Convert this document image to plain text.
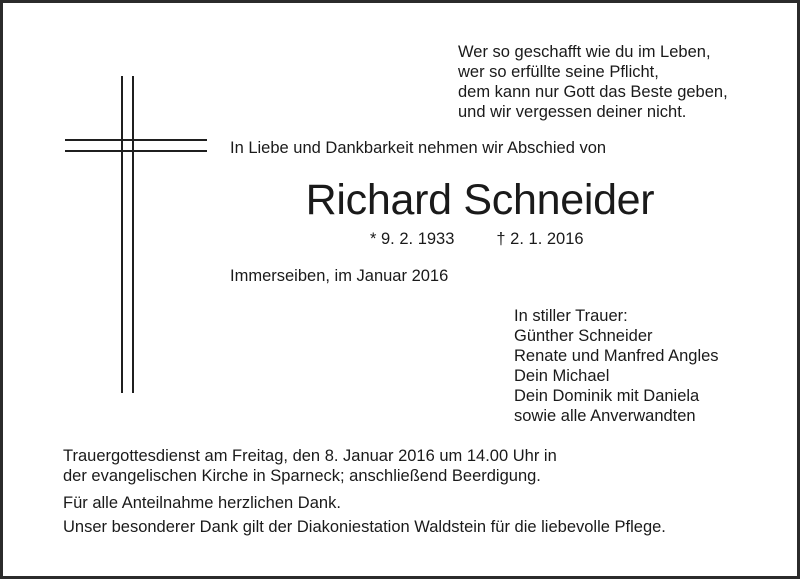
Wer so geschafft wie du im Leben,
wer so erfüllte seine Pflicht,
dem kann nur Gott das Beste geben,
und wir vergessen deiner nicht.

In Liebe und Dankbarkeit nehmen wir Abschied von

Richard Schneider

* 9. 2. 1933	† 2. 1. 2016

Immerseiben, im Januar 2016

In stiller Trauer:
Günther Schneider
Renate und Manfred Angles
Dein Michael
Dein Dominik mit Daniela
sowie alle Anverwandten
Trauergottesdienst am Freitag, den 8. Januar 2016 um 14.00 Uhr in
der evangelischen Kirche in Sparneck; anschließend Beerdigung.

Für alle Anteilnahme herzlichen Dank.

Unser besonderer Dank gilt der Diakoniestation Waldstein für die liebevolle Pflege.
